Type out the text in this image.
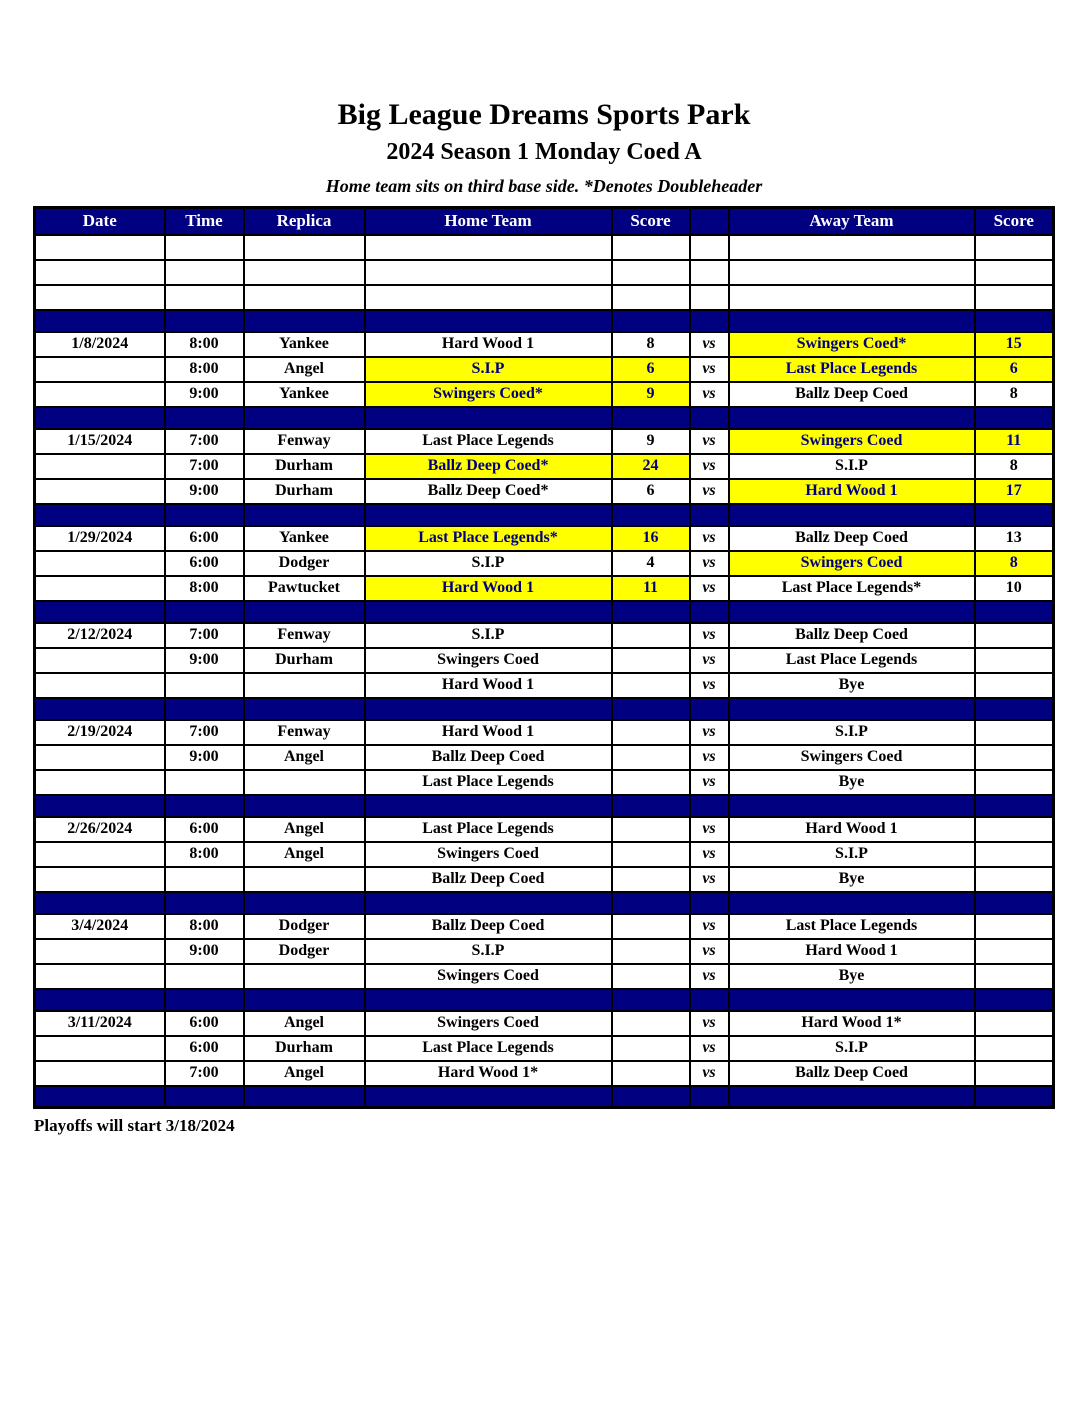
Big League Dreams Sports Park
2024 Season 1 Monday Coed A
Home team sits on third base side. *Denotes Doubleheader
Date	Time	Replica	Home Team	Score		Away Team	Score

1/8/2024	8:00	Yankee	Hard Wood 1	8	vs	Swingers Coed*	15
	8:00	Angel	S.I.P	6	vs	Last Place Legends	6
	9:00	Yankee	Swingers Coed*	9	vs	Ballz Deep Coed	8

1/15/2024	7:00	Fenway	Last Place Legends	9	vs	Swingers Coed	11
	7:00	Durham	Ballz Deep Coed*	24	vs	S.I.P	8
	9:00	Durham	Ballz Deep Coed*	6	vs	Hard Wood 1	17

1/29/2024	6:00	Yankee	Last Place Legends*	16	vs	Ballz Deep Coed	13
	6:00	Dodger	S.I.P	4	vs	Swingers Coed	8
	8:00	Pawtucket	Hard Wood 1	11	vs	Last Place Legends*	10

2/12/2024	7:00	Fenway	S.I.P		vs	Ballz Deep Coed	
	9:00	Durham	Swingers Coed		vs	Last Place Legends	
			Hard Wood 1		vs	Bye	

2/19/2024	7:00	Fenway	Hard Wood 1		vs	S.I.P	
	9:00	Angel	Ballz Deep Coed		vs	Swingers Coed	
			Last Place Legends		vs	Bye	

2/26/2024	6:00	Angel	Last Place Legends		vs	Hard Wood 1	
	8:00	Angel	Swingers Coed		vs	S.I.P	
			Ballz Deep Coed		vs	Bye	

3/4/2024	8:00	Dodger	Ballz Deep Coed		vs	Last Place Legends	
	9:00	Dodger	S.I.P		vs	Hard Wood 1	
			Swingers Coed		vs	Bye	

3/11/2024	6:00	Angel	Swingers Coed		vs	Hard Wood 1*	
	6:00	Durham	Last Place Legends		vs	S.I.P	
	7:00	Angel	Hard Wood 1*		vs	Ballz Deep Coed	

Playoffs will start 3/18/2024
